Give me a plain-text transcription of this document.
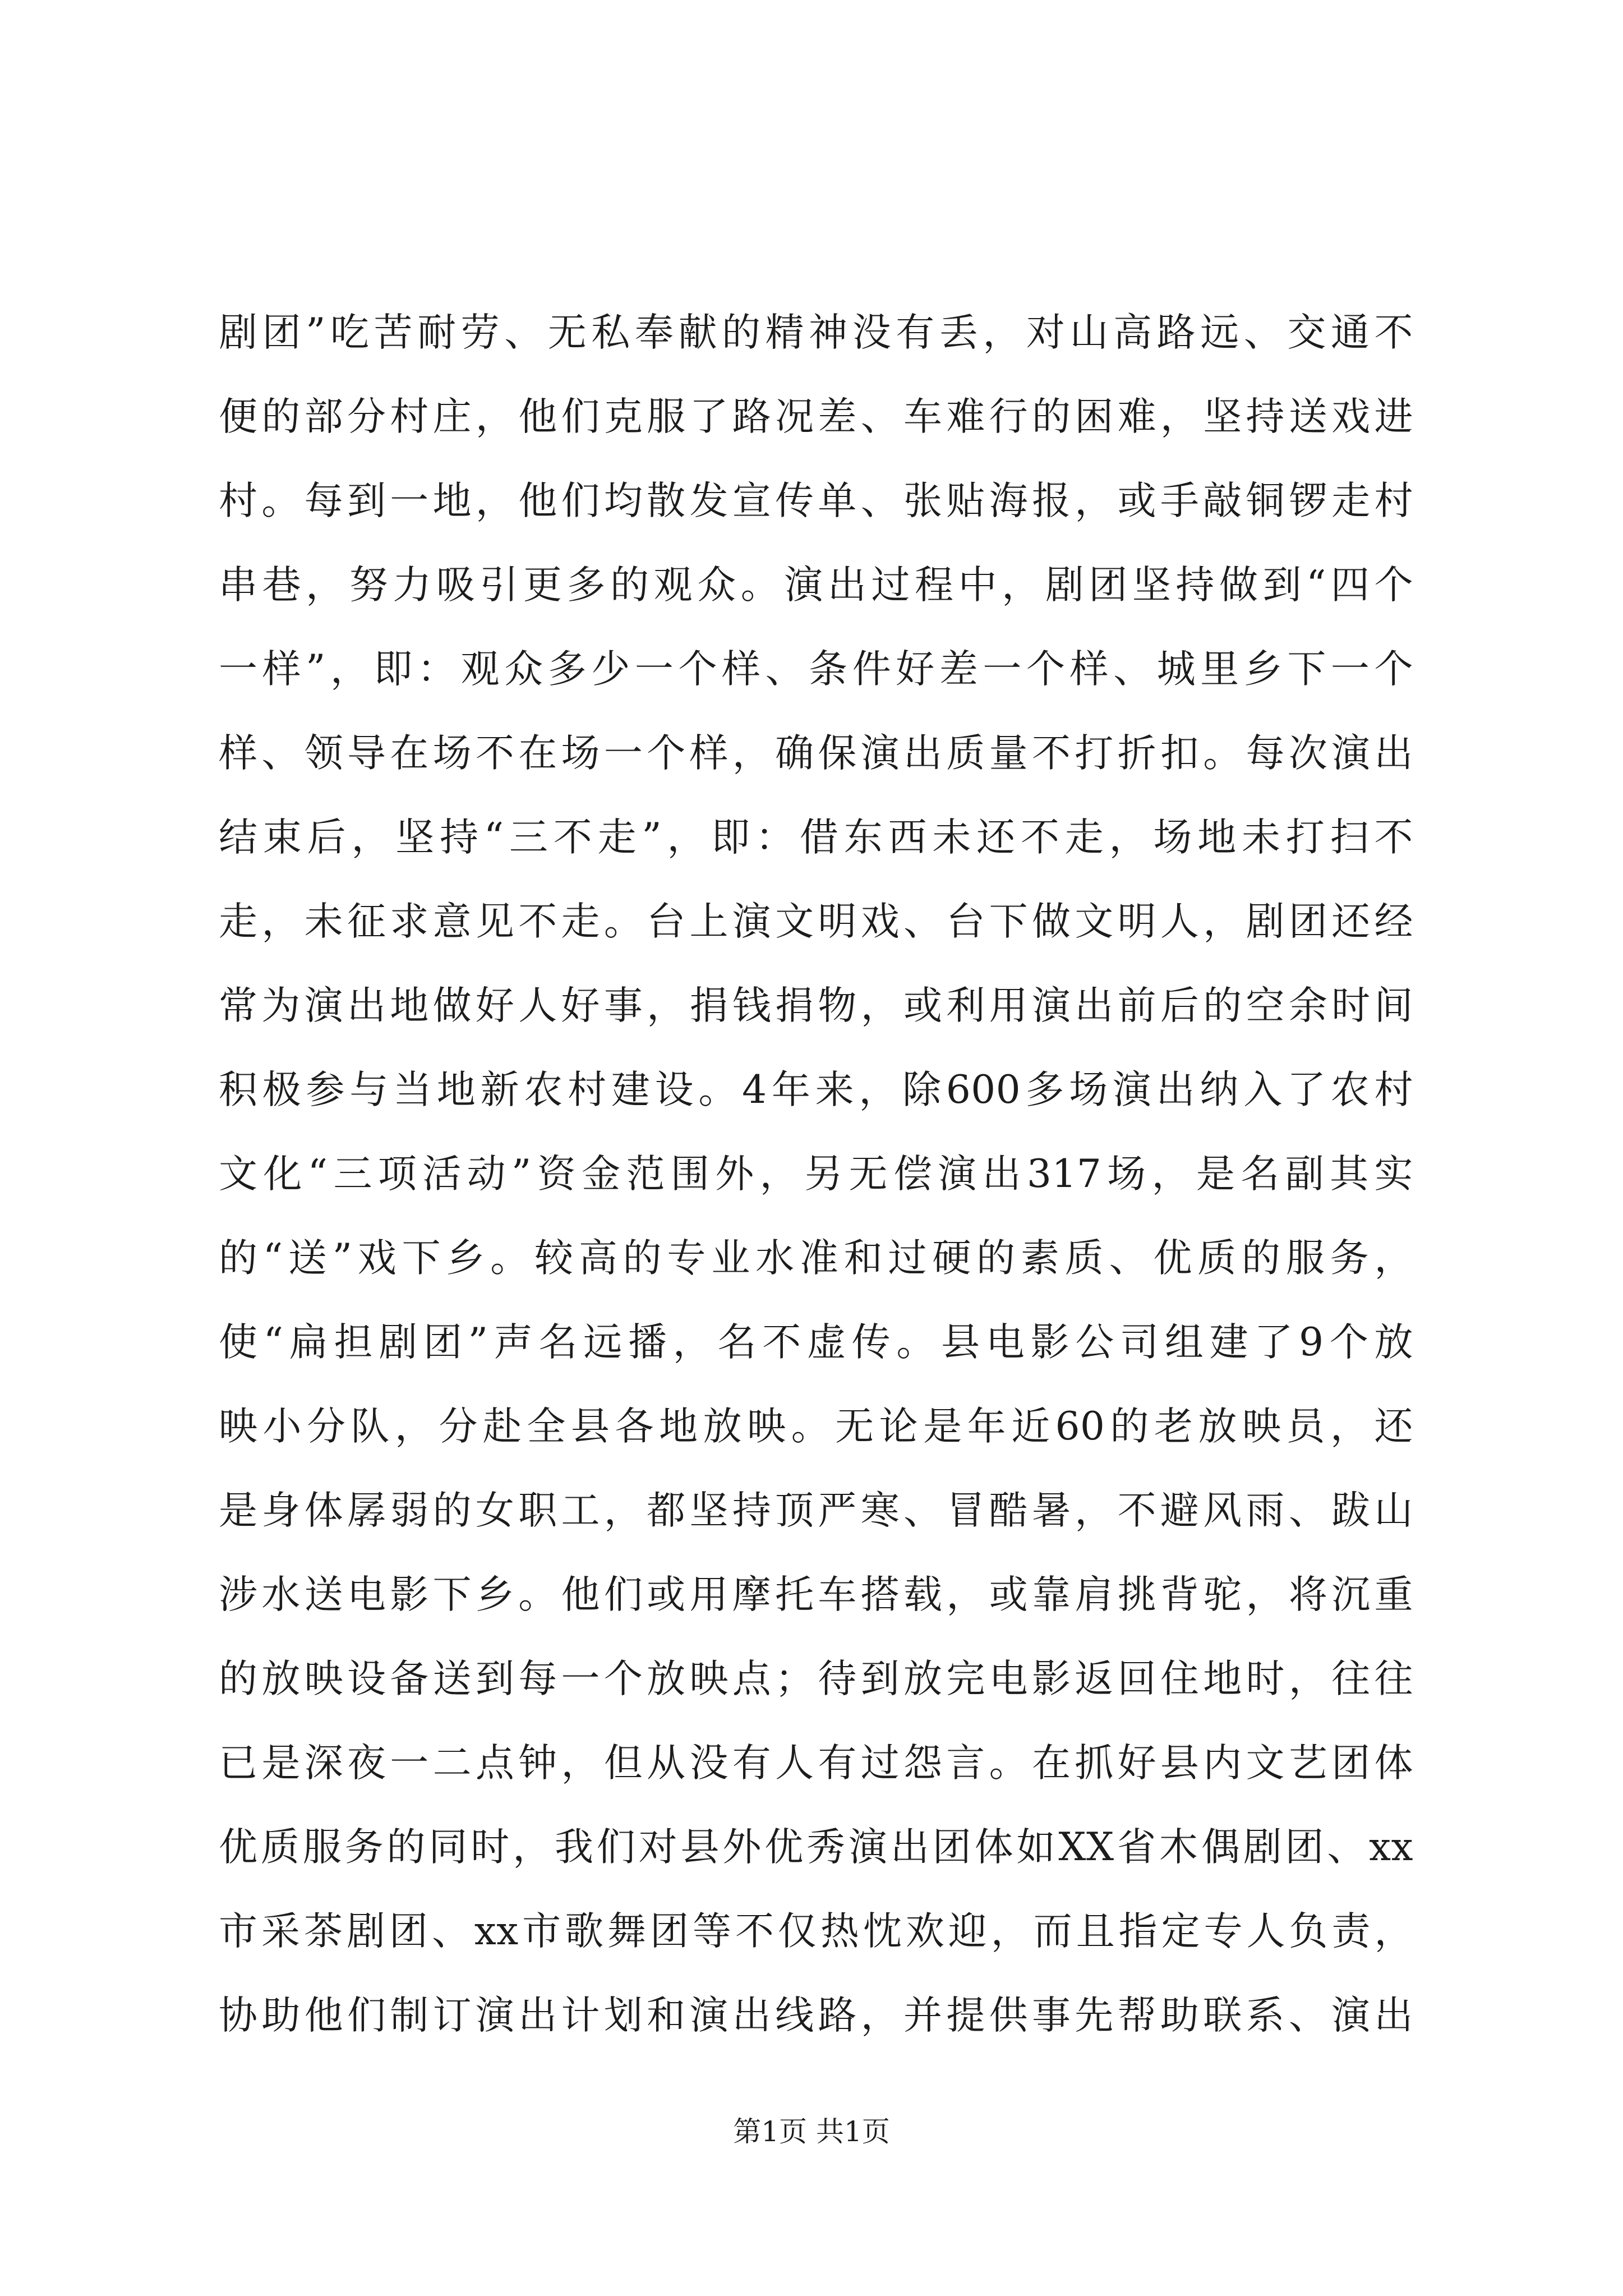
剧团”吃苦耐劳、无私奉献的精神没有丢，对山高路远、交通不
便的部分村庄，他们克服了路况差、车难行的困难，坚持送戏进
村。每到一地，他们均散发宣传单、张贴海报，或手敲铜锣走村
串巷，努力吸引更多的观众。演出过程中，剧团坚持做到“四个
一样”，即：观众多少一个样、条件好差一个样、城里乡下一个
样、领导在场不在场一个样，确保演出质量不打折扣。每次演出
结束后，坚持“三不走”，即：借东西未还不走，场地未打扫不
走，未征求意见不走。台上演文明戏、台下做文明人，剧团还经
常为演出地做好人好事，捐钱捐物，或利用演出前后的空余时间
积极参与当地新农村建设。4年来，除600多场演出纳入了农村
文化“三项活动”资金范围外，另无偿演出317场，是名副其实
的“送”戏下乡。较高的专业水准和过硬的素质、优质的服务，
使“扁担剧团”声名远播，名不虚传。县电影公司组建了9个放
映小分队，分赴全县各地放映。无论是年近60的老放映员，还
是身体孱弱的女职工，都坚持顶严寒、冒酷暑，不避风雨、跋山
涉水送电影下乡。他们或用摩托车搭载，或靠肩挑背驼，将沉重
的放映设备送到每一个放映点；待到放完电影返回住地时，往往
已是深夜一二点钟，但从没有人有过怨言。在抓好县内文艺团体
优质服务的同时，我们对县外优秀演出团体如XX省木偶剧团、xx
市采茶剧团、xx市歌舞团等不仅热忱欢迎，而且指定专人负责，
协助他们制订演出计划和演出线路，并提供事先帮助联系、演出
第1页 共1页
